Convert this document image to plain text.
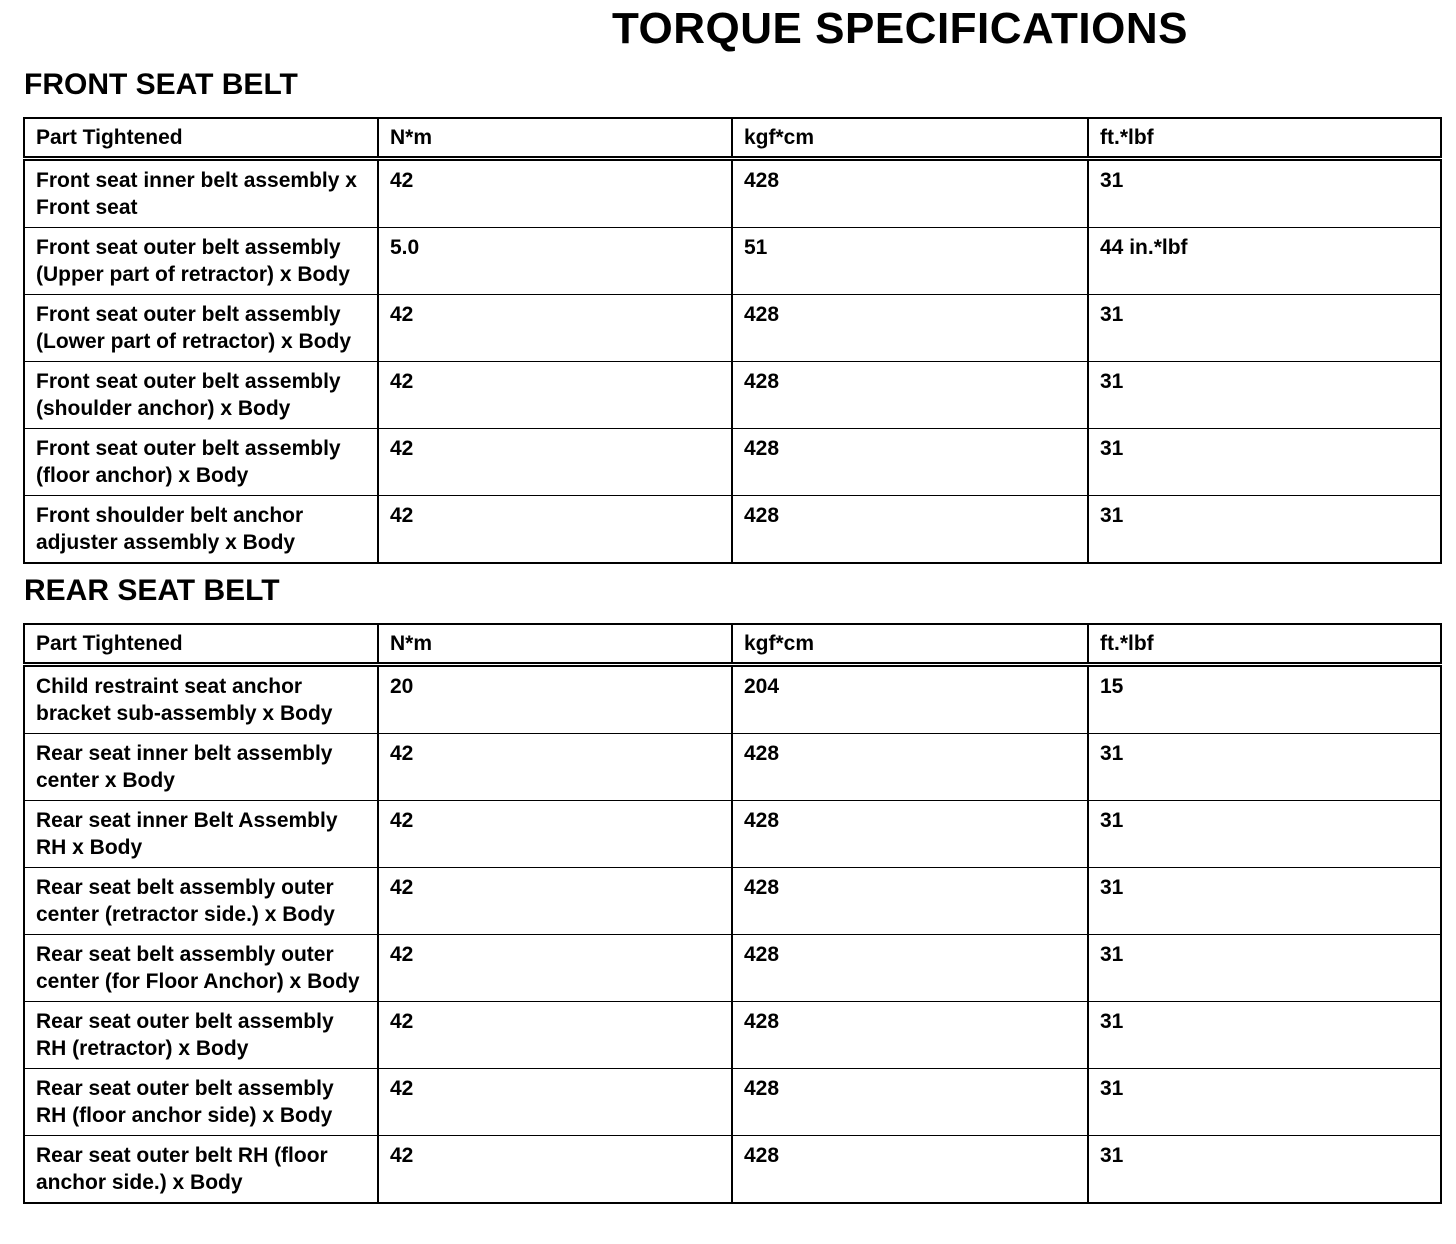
TORQUE SPECIFICATIONS
FRONT SEAT BELT
Part Tightened	N*m	kgf*cm	ft.*lbf
Front seat inner belt assembly x Front seat	42	428	31
Front seat outer belt assembly (Upper part of retractor) x Body	5.0	51	44 in.*lbf
Front seat outer belt assembly (Lower part of retractor) x Body	42	428	31
Front seat outer belt assembly (shoulder anchor) x Body	42	428	31
Front seat outer belt assembly (floor anchor) x Body	42	428	31
Front shoulder belt anchor adjuster assembly x Body	42	428	31
REAR SEAT BELT
Part Tightened	N*m	kgf*cm	ft.*lbf
Child restraint seat anchor bracket sub-assembly x Body	20	204	15
Rear seat inner belt assembly center x Body	42	428	31
Rear seat inner Belt Assembly RH x Body	42	428	31
Rear seat belt assembly outer center (retractor side.) x Body	42	428	31
Rear seat belt assembly outer center (for Floor Anchor) x Body	42	428	31
Rear seat outer belt assembly RH (retractor) x Body	42	428	31
Rear seat outer belt assembly RH (floor anchor side) x Body	42	428	31
Rear seat outer belt RH (floor anchor side.) x Body	42	428	31
